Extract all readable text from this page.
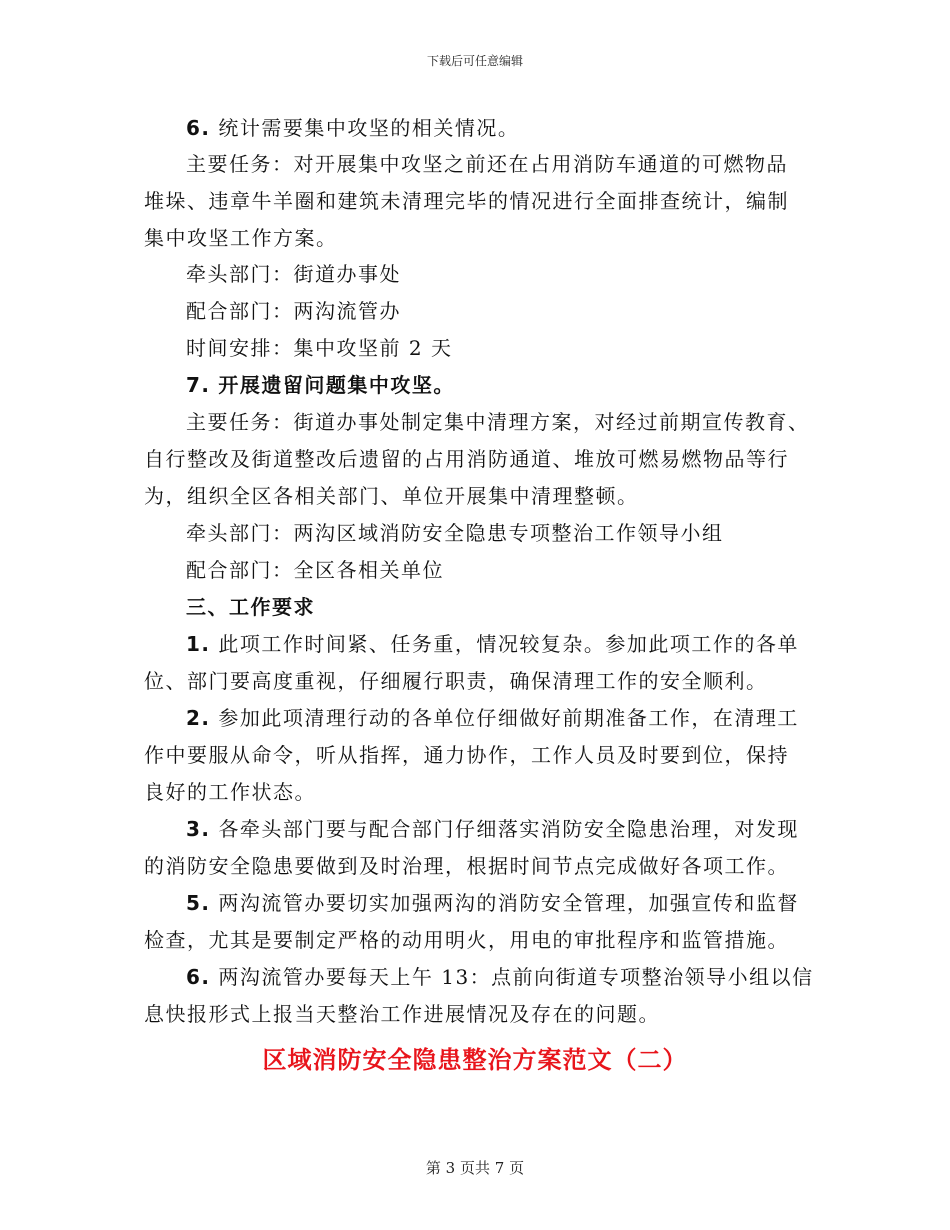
下载后可任意编辑
6. 统计需要集中攻坚的相关情况。
主要任务：对开展集中攻坚之前还在占用消防车通道的可燃物品
堆垛、违章牛羊圈和建筑未清理完毕的情况进行全面排查统计，编制
集中攻坚工作方案。
牵头部门：街道办事处
配合部门：两沟流管办
时间安排：集中攻坚前 2 天
7. 开展遗留问题集中攻坚。
主要任务：街道办事处制定集中清理方案，对经过前期宣传教育、
自行整改及街道整改后遗留的占用消防通道、堆放可燃易燃物品等行
为，组织全区各相关部门、单位开展集中清理整顿。
牵头部门：两沟区域消防安全隐患专项整治工作领导小组
配合部门：全区各相关单位
三、工作要求
1. 此项工作时间紧、任务重，情况较复杂。参加此项工作的各单
位、部门要高度重视，仔细履行职责，确保清理工作的安全顺利。
2. 参加此项清理行动的各单位仔细做好前期准备工作，在清理工
作中要服从命令，听从指挥，通力协作，工作人员及时要到位，保持
良好的工作状态。
3. 各牵头部门要与配合部门仔细落实消防安全隐患治理，对发现
的消防安全隐患要做到及时治理，根据时间节点完成做好各项工作。
5. 两沟流管办要切实加强两沟的消防安全管理，加强宣传和监督
检查，尤其是要制定严格的动用明火，用电的审批程序和监管措施。
6. 两沟流管办要每天上午 13：点前向街道专项整治领导小组以信
息快报形式上报当天整治工作进展情况及存在的问题。
区域消防安全隐患整治方案范文（二）
第 3 页共 7 页
